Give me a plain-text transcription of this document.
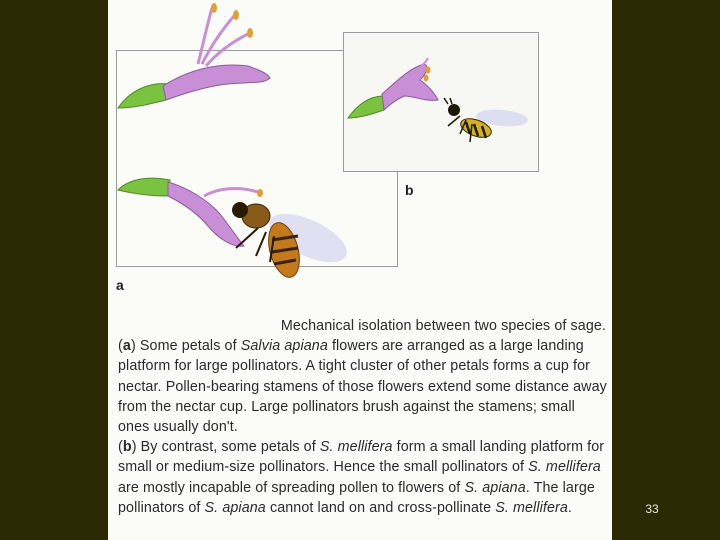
a
b
Mechanical isolation between two species of sage.

(a) Some petals of Salvia apiana flowers are arranged as a large landing platform for large pollinators. A tight cluster of other petals forms a cup for nectar. Pollen-bearing stamens of those flowers extend some distance away from the nectar cup. Large pollinators brush against the stamens; small ones usually don't.

(b) By contrast, some petals of S. mellifera form a small landing platform for small or medium-size pollinators. Hence the small pollinators of S. mellifera are mostly incapable of spreading pollen to flowers of S. apiana. The large pollinators of S. apiana cannot land on and cross-pollinate S. mellifera.	33
